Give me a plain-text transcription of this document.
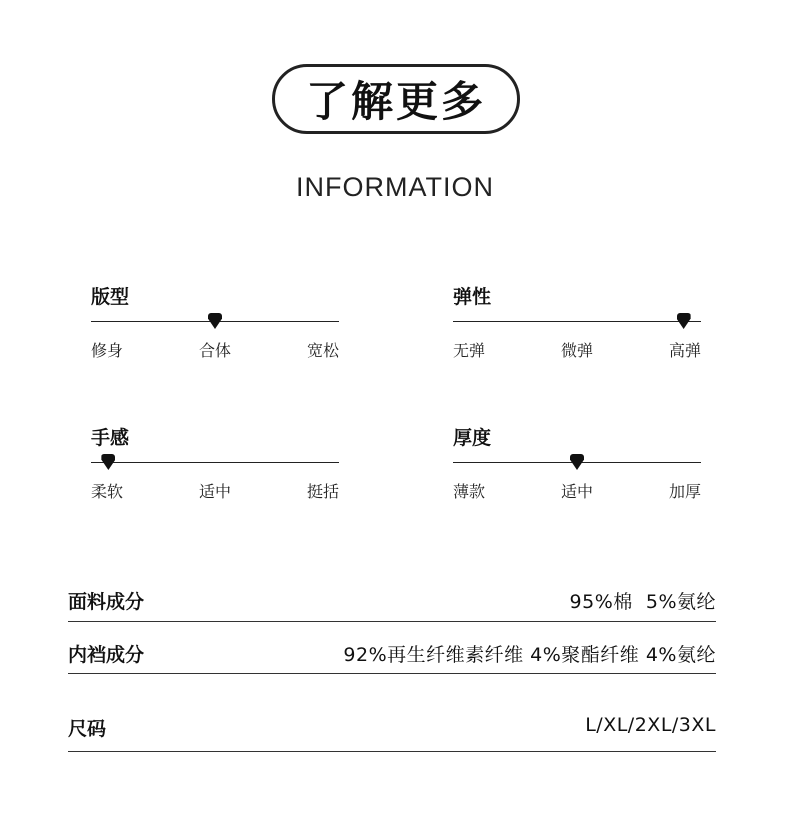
了解更多
INFORMATION
版型
修身	合体	宽松
弹性
无弹	微弹	高弹
手感
柔软	适中	挺括
厚度
薄款	适中	加厚
面料成分	95%棉  5%氨纶
内裆成分	92%再生纤维素纤维 4%聚酯纤维 4%氨纶
尺码	L/XL/2XL/3XL
